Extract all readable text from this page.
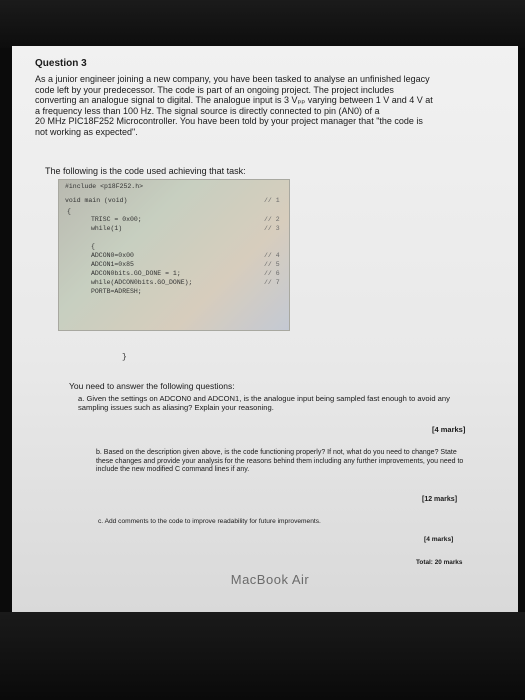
Question 3

As a junior engineer joining a new company, you have been tasked to analyse an unfinished legacy

code left by your predecessor. The code is part of an ongoing project. The project includes

converting an analogue signal to digital. The analogue input is 3 Vₚₚ varying between 1 V and 4 V at

a frequency less than 100 Hz. The signal source is directly connected to pin (AN0) of a

20 MHz PIC18F252 Microcontroller. You have been told by your project manager that "the code is

not working as expected".

The following is the code used achieving that task:
#include <p18F252.h>
void main (void)
{
TRISC = 0x00;
while(1)
{
ADCON0=0x00
ADCON1=0x85
ADCON0bits.GO_DONE = 1;
while(ADCON0bits.GO_DONE);
PORTB=ADRESH;
// 1
// 2
// 3
// 4
// 5
// 6
// 7
}
You need to answer the following questions:

a. Given the settings on ADCON0 and ADCON1, is the analogue input being sampled fast enough to avoid any sampling issues such as aliasing? Explain your reasoning.

[4 marks]

b. Based on the description given above, is the code functioning properly? If not, what do you need to change? State these changes and provide your analysis for the reasons behind them including any further improvements, you need to include the new modified C command lines if any.

[12 marks]

c. Add comments to the code to improve readability for future improvements.

[4 marks]
Total: 20 marks
MacBook Air
